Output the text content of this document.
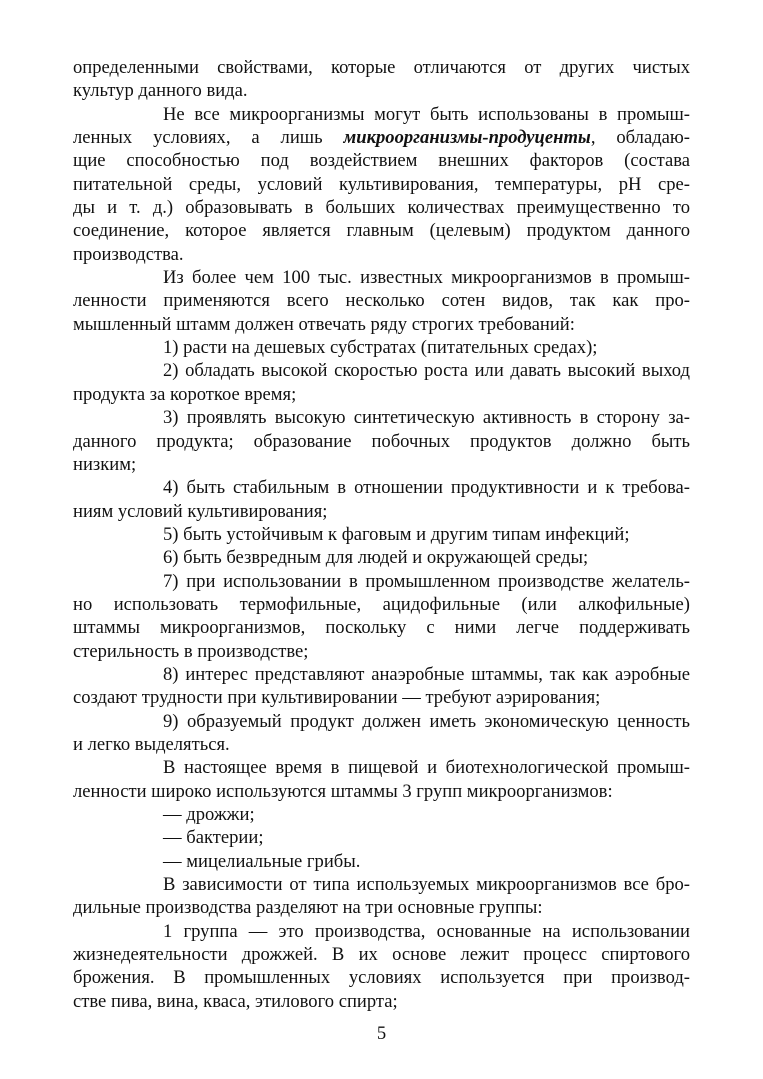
определенными свойствами, которые отличаются от других чистых
культур данного вида.
Не все микроорганизмы могут быть использованы в промыш-
ленных условиях, а лишь микроорганизмы-продуценты, обладаю-
щие способностью под воздействием внешних факторов (состава
питательной среды, условий культивирования, температуры, pH сре-
ды и т. д.) образовывать в больших количествах преимущественно то
соединение, которое является главным (целевым) продуктом данного
производства.
Из более чем 100 тыс. известных микроорганизмов в промыш-
ленности применяются всего несколько сотен видов, так как про-
мышленный штамм должен отвечать ряду строгих требований:
1) расти на дешевых субстратах (питательных средах);
2) обладать высокой скоростью роста или давать высокий выход
продукта за короткое время;
3) проявлять высокую синтетическую активность в сторону за-
данного продукта; образование побочных продуктов должно быть
низким;
4) быть стабильным в отношении продуктивности и к требова-
ниям условий культивирования;
5) быть устойчивым к фаговым и другим типам инфекций;
6) быть безвредным для людей и окружающей среды;
7) при использовании в промышленном производстве желатель-
но использовать термофильные, ацидофильные (или алкофильные)
штаммы микроорганизмов, поскольку с ними легче поддерживать
стерильность в производстве;
8) интерес представляют анаэробные штаммы, так как аэробные
создают трудности при культивировании — требуют аэрирования;
9) образуемый продукт должен иметь экономическую ценность
и легко выделяться.
В настоящее время в пищевой и биотехнологической промыш-
ленности широко используются штаммы 3 групп микроорганизмов:
— дрожжи;
— бактерии;
— мицелиальные грибы.
В зависимости от типа используемых микроорганизмов все бро-
дильные производства разделяют на три основные группы:
1 группа — это производства, основанные на использовании
жизнедеятельности дрожжей. В их основе лежит процесс спиртового
брожения. В промышленных условиях используется при производ-
стве пива, вина, кваса, этилового спирта;
5
